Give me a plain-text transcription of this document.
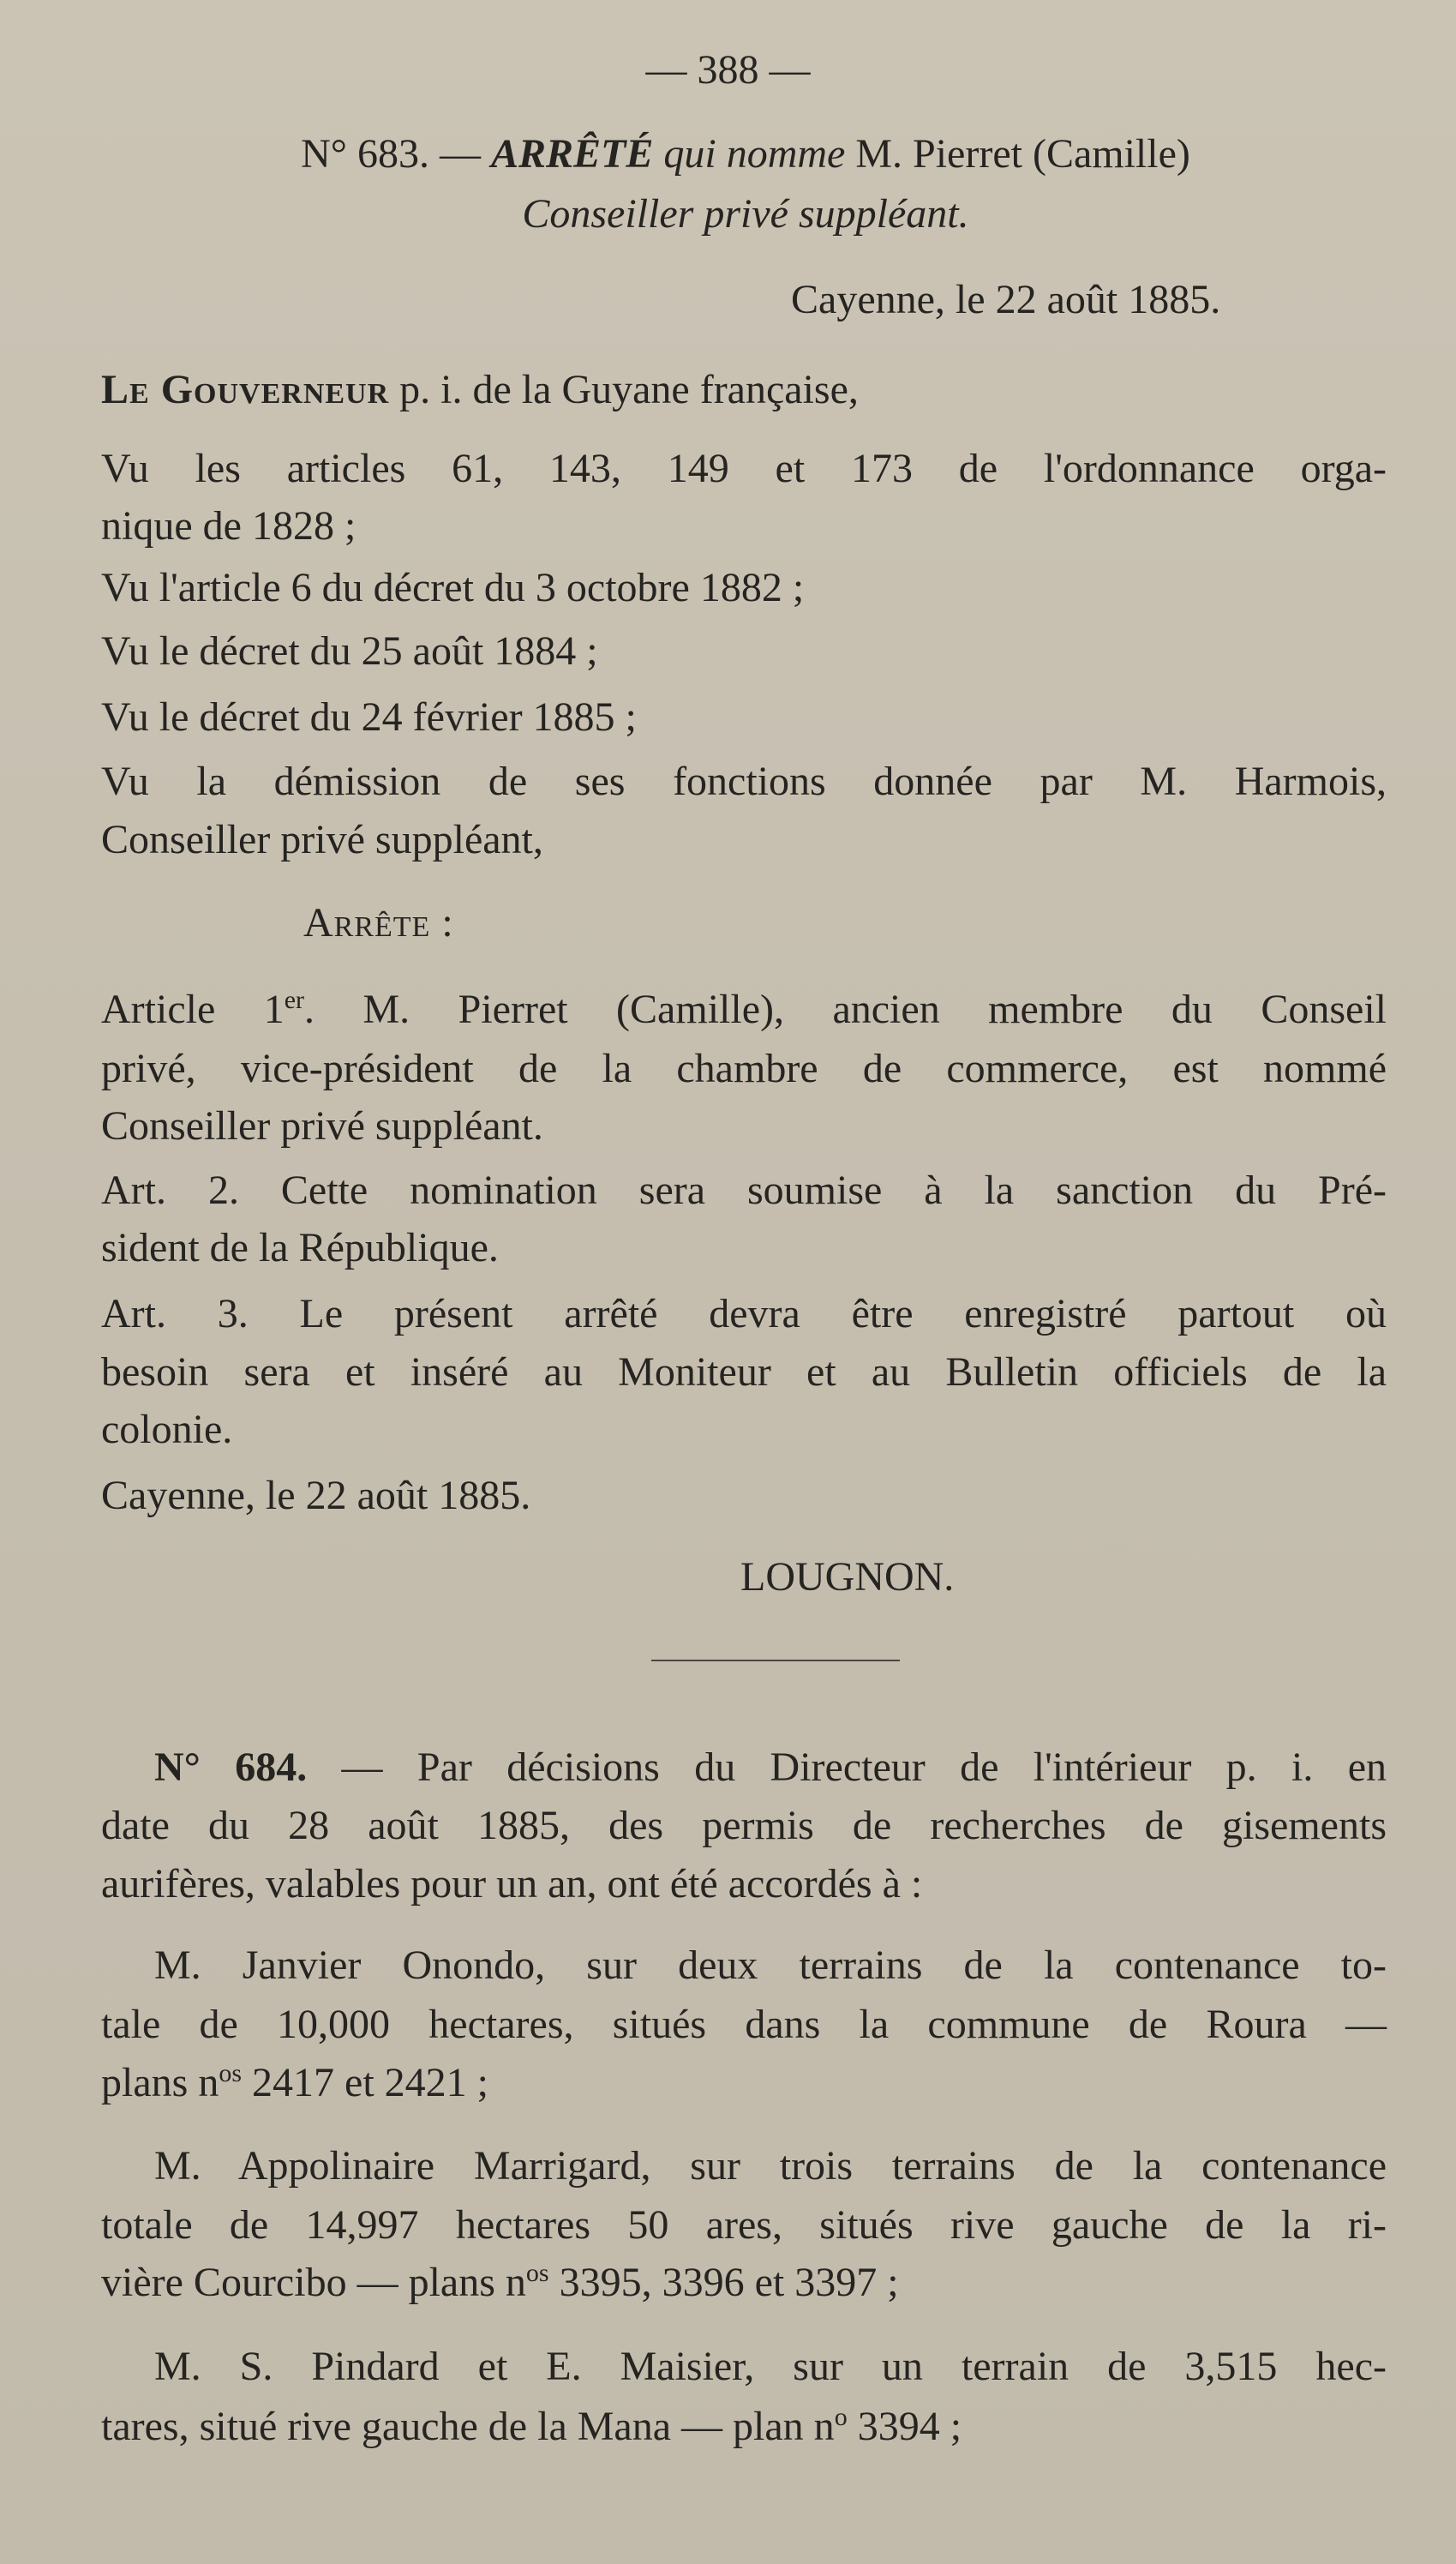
— 388 —
N° 683. — ARRÊTÉ qui nomme M. Pierret (Camille)
Conseiller privé suppléant.
Cayenne, le 22 août 1885.
Le Gouverneur p. i. de la Guyane française,
Vu les articles 61, 143, 149 et 173 de l'ordonnance orga-
nique de 1828 ;
Vu l'article 6 du décret du 3 octobre 1882 ;
Vu le décret du 25 août 1884 ;
Vu le décret du 24 février 1885 ;
Vu la démission de ses fonctions donnée par M. Harmois,
Conseiller privé suppléant,
Arrête :
Article 1er. M. Pierret (Camille), ancien membre du Conseil
privé, vice-président de la chambre de commerce, est nommé
Conseiller privé suppléant.
Art. 2. Cette nomination sera soumise à la sanction du Pré-
sident de la République.
Art. 3. Le présent arrêté devra être enregistré partout où
besoin sera et inséré au Moniteur et au Bulletin officiels de la
colonie.
Cayenne, le 22 août 1885.
LOUGNON.
N° 684. — Par décisions du Directeur de l'intérieur p. i. en
date du 28 août 1885, des permis de recherches de gisements
aurifères, valables pour un an, ont été accordés à :
M. Janvier Onondo, sur deux terrains de la contenance to-
tale de 10,000 hectares, situés dans la commune de Roura —
plans $n^{os}$ 2417 et 2421 ;
M. Appolinaire Marrigard, sur trois terrains de la contenance
totale de 14,997 hectares 50 ares, situés rive gauche de la ri-
vière Courcibo — plans $n^{os}$ 3395, 3396 et 3397 ;
M. S. Pindard et E. Maisier, sur un terrain de 3,515 hec-
tares, situé rive gauche de la Mana — plan $n^o$ 3394 ;
